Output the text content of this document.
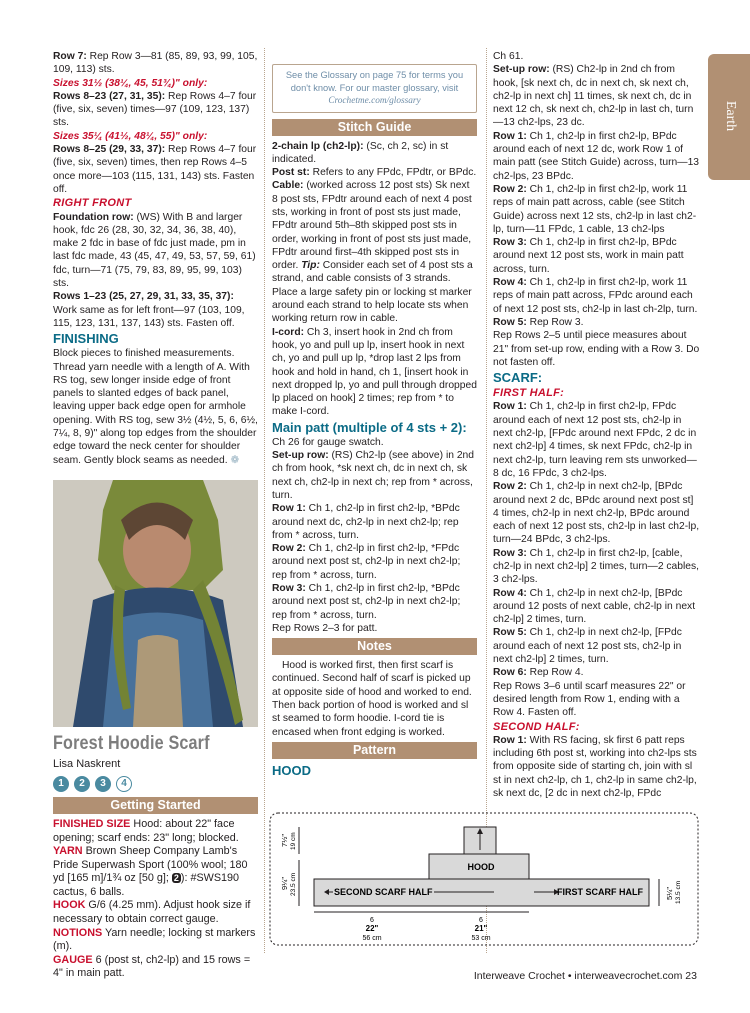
Earth

Row 7: Rep Row 3—81 (85, 89, 93, 99, 105, 109, 113) sts.

Sizes 31½ (38¼, 45, 51¾)" only:

Rows 8–23 (27, 31, 35): Rep Rows 4–7 four (five, six, seven) times—97 (109, 123, 137) sts.

Sizes 35¼ (41½, 48¼, 55)" only:

Rows 8–25 (29, 33, 37): Rep Rows 4–7 four (five, six, seven) times, then rep Rows 4–5 once more—103 (115, 131, 143) sts. Fasten off.

RIGHT FRONT

Foundation row: (WS) With B and larger hook, fdc 26 (28, 30, 32, 34, 36, 38, 40), make 2 fdc in base of fdc just made, pm in last fdc made, 43 (45, 47, 49, 53, 57, 59, 61) fdc, turn—71 (75, 79, 83, 89, 95, 99, 103) sts.

Rows 1–23 (25, 27, 29, 31, 33, 35, 37): Work same as for left front—97 (103, 109, 115, 123, 131, 137, 143) sts. Fasten off.

FINISHING

Block pieces to finished measurements. Thread yarn needle with a length of A. With RS tog, sew longer inside edge of front panels to slanted edges of back panel, leaving upper back edge open for armhole opening. With RS tog, sew 3½ (4½, 5, 6, 6½, 7¼, 8, 9)" along top edges from the shoulder edge toward the neck center for shoulder seam. Gently block seams as needed. ❁

Forest Hoodie Scarf
Lisa Naskrent
1	2	3	4
Getting Started

FINISHED SIZE Hood: about 22" face opening; scarf ends: 23" long; blocked.

YARN Brown Sheep Company Lamb's Pride Superwash Sport (100% wool; 180 yd [165 m]/1¾ oz [50 g]; 2 ): #SWS190 cactus, 6 balls.

HOOK G/6 (4.25 mm). Adjust hook size if necessary to obtain correct gauge.

NOTIONS Yarn needle; locking st markers (m).

GAUGE 6 (post st, ch2-lp) and 15 rows = 4" in main patt.

See the Glossary on page 75 for terms you don't know. For our master glossary, visit Crochetme.com/glossary
Stitch Guide

2-chain lp (ch2-lp): (Sc, ch 2, sc) in st indicated.

Post st: Refers to any FPdc, FPdtr, or BPdc.

Cable: (worked across 12 post sts) Sk next 8 post sts, FPdtr around each of next 4 post sts, working in front of post sts just made, FPdtr around 5th–8th skipped post sts in order, working in front of post sts just made, FPdtr around first–4th skipped post sts in order. Tip: Consider each set of 4 post sts a strand, and cable consists of 3 strands. Place a large safety pin or locking st marker around each strand to help locate sts when working return row in cable.

I-cord: Ch 3, insert hook in 2nd ch from hook, yo and pull up lp, insert hook in next ch, yo and pull up lp, *drop last 2 lps from hook and hold in hand, ch 1, [insert hook in next dropped lp, yo and pull through dropped lp placed on hook] 2 times; rep from * to make I-cord.

Main patt (multiple of 4 sts + 2):

Ch 26 for gauge swatch.

Set-up row: (RS) Ch2-lp (see above) in 2nd ch from hook, *sk next ch, dc in next ch, sk next ch, ch2-lp in next ch; rep from * across, turn.

Row 1: Ch 1, ch2-lp in first ch2-lp, *BPdc around next dc, ch2-lp in next ch2-lp; rep from * across, turn.

Row 2: Ch 1, ch2-lp in first ch2-lp, *FPdc around next post st, ch2-lp in next ch2-lp; rep from * across, turn.

Row 3: Ch 1, ch2-lp in first ch2-lp, *BPdc around next post st, ch2-lp in next ch2-lp; rep from * across, turn.

Rep Rows 2–3 for patt.

Notes

Hood is worked first, then first scarf is continued. Second half of scarf is picked up at opposite side of hood and worked to end. Then back portion of hood is worked and sl st seamed to form hoodie. I-cord tie is encased when front edging is worked.

Pattern
HOOD

Ch 61.

Set-up row: (RS) Ch2-lp in 2nd ch from hook, [sk next ch, dc in next ch, sk next ch, ch2-lp in next ch] 11 times, sk next ch, dc in next 12 ch, sk next ch, ch2-lp in last ch, turn—13 ch2-lps, 23 dc.

Row 1: Ch 1, ch2-lp in first ch2-lp, BPdc around each of next 12 dc, work Row 1 of main patt (see Stitch Guide) across, turn—13 ch2-lps, 23 BPdc.

Row 2: Ch 1, ch2-lp in first ch2-lp, work 11 reps of main patt across, cable (see Stitch Guide) across next 12 sts, ch2-lp in last ch2-lp, turn—11 FPdc, 1 cable, 13 ch2-lps

Row 3: Ch 1, ch2-lp in first ch2-lp, BPdc around next 12 post sts, work in main patt across, turn.

Row 4: Ch 1, ch2-lp in first ch2-lp, work 11 reps of main patt across, FPdc around each of next 12 post sts, ch2-lp in last ch-2lp, turn.

Row 5: Rep Row 3.

Rep Rows 2–5 until piece measures about 21" from set-up row, ending with a Row 3. Do not fasten off.

SCARF:
FIRST HALF:

Row 1: Ch 1, ch2-lp in first ch2-lp, FPdc around each of next 12 post sts, ch2-lp in next ch2-lp, [FPdc around next FPdc, 2 dc in next ch2-lp] 4 times, sk next FPdc, ch2-lp in next ch2-lp, turn leaving rem sts unworked—8 dc, 16 FPdc, 3 ch2-lps.

Row 2: Ch 1, ch2-lp in next ch2-lp, [BPdc around next 2 dc, BPdc around next post st] 4 times, ch2-lp in next ch2-lp, BPdc around each of next 12 post sts, ch2-lp in last ch2-lp, turn—24 BPdc, 3 ch2-lps.

Row 3: Ch 1, ch2-lp in first ch2-lp, [cable, ch2-lp in next ch2-lp] 2 times, turn—2 cables, 3 ch2-lps.

Row 4: Ch 1, ch2-lp in next ch2-lp, [BPdc around 12 posts of next cable, ch2-lp in next ch2-lp] 2 times, turn.

Row 5: Ch 1, ch2-lp in next ch2-lp, [FPdc around each of next 12 post sts, ch2-lp in next ch2-lp] 2 times, turn.

Row 6: Rep Row 4.

Rep Rows 3–6 until scarf measures 22" or desired length from Row 1, ending with a Row 4. Fasten off.

SECOND HALF:

Row 1: With RS facing, sk first 6 patt reps including 6th post st, working into ch2-lps sts from opposite side of starting ch, join with sl st in next ch2-lp, ch 1, ch2-lp in same ch2-lp, sk next dc, [2 dc in next ch2-lp, FPdc

HOOD
SECOND SCARF HALF	FIRST SCARF HALF
7½" 19 cm
9¼" 23.5 cm	5¼" 13.5 cm
6
22"
56 cm
6
21"
53 cm
Interweave Crochet • interweavecrochet.com 23
